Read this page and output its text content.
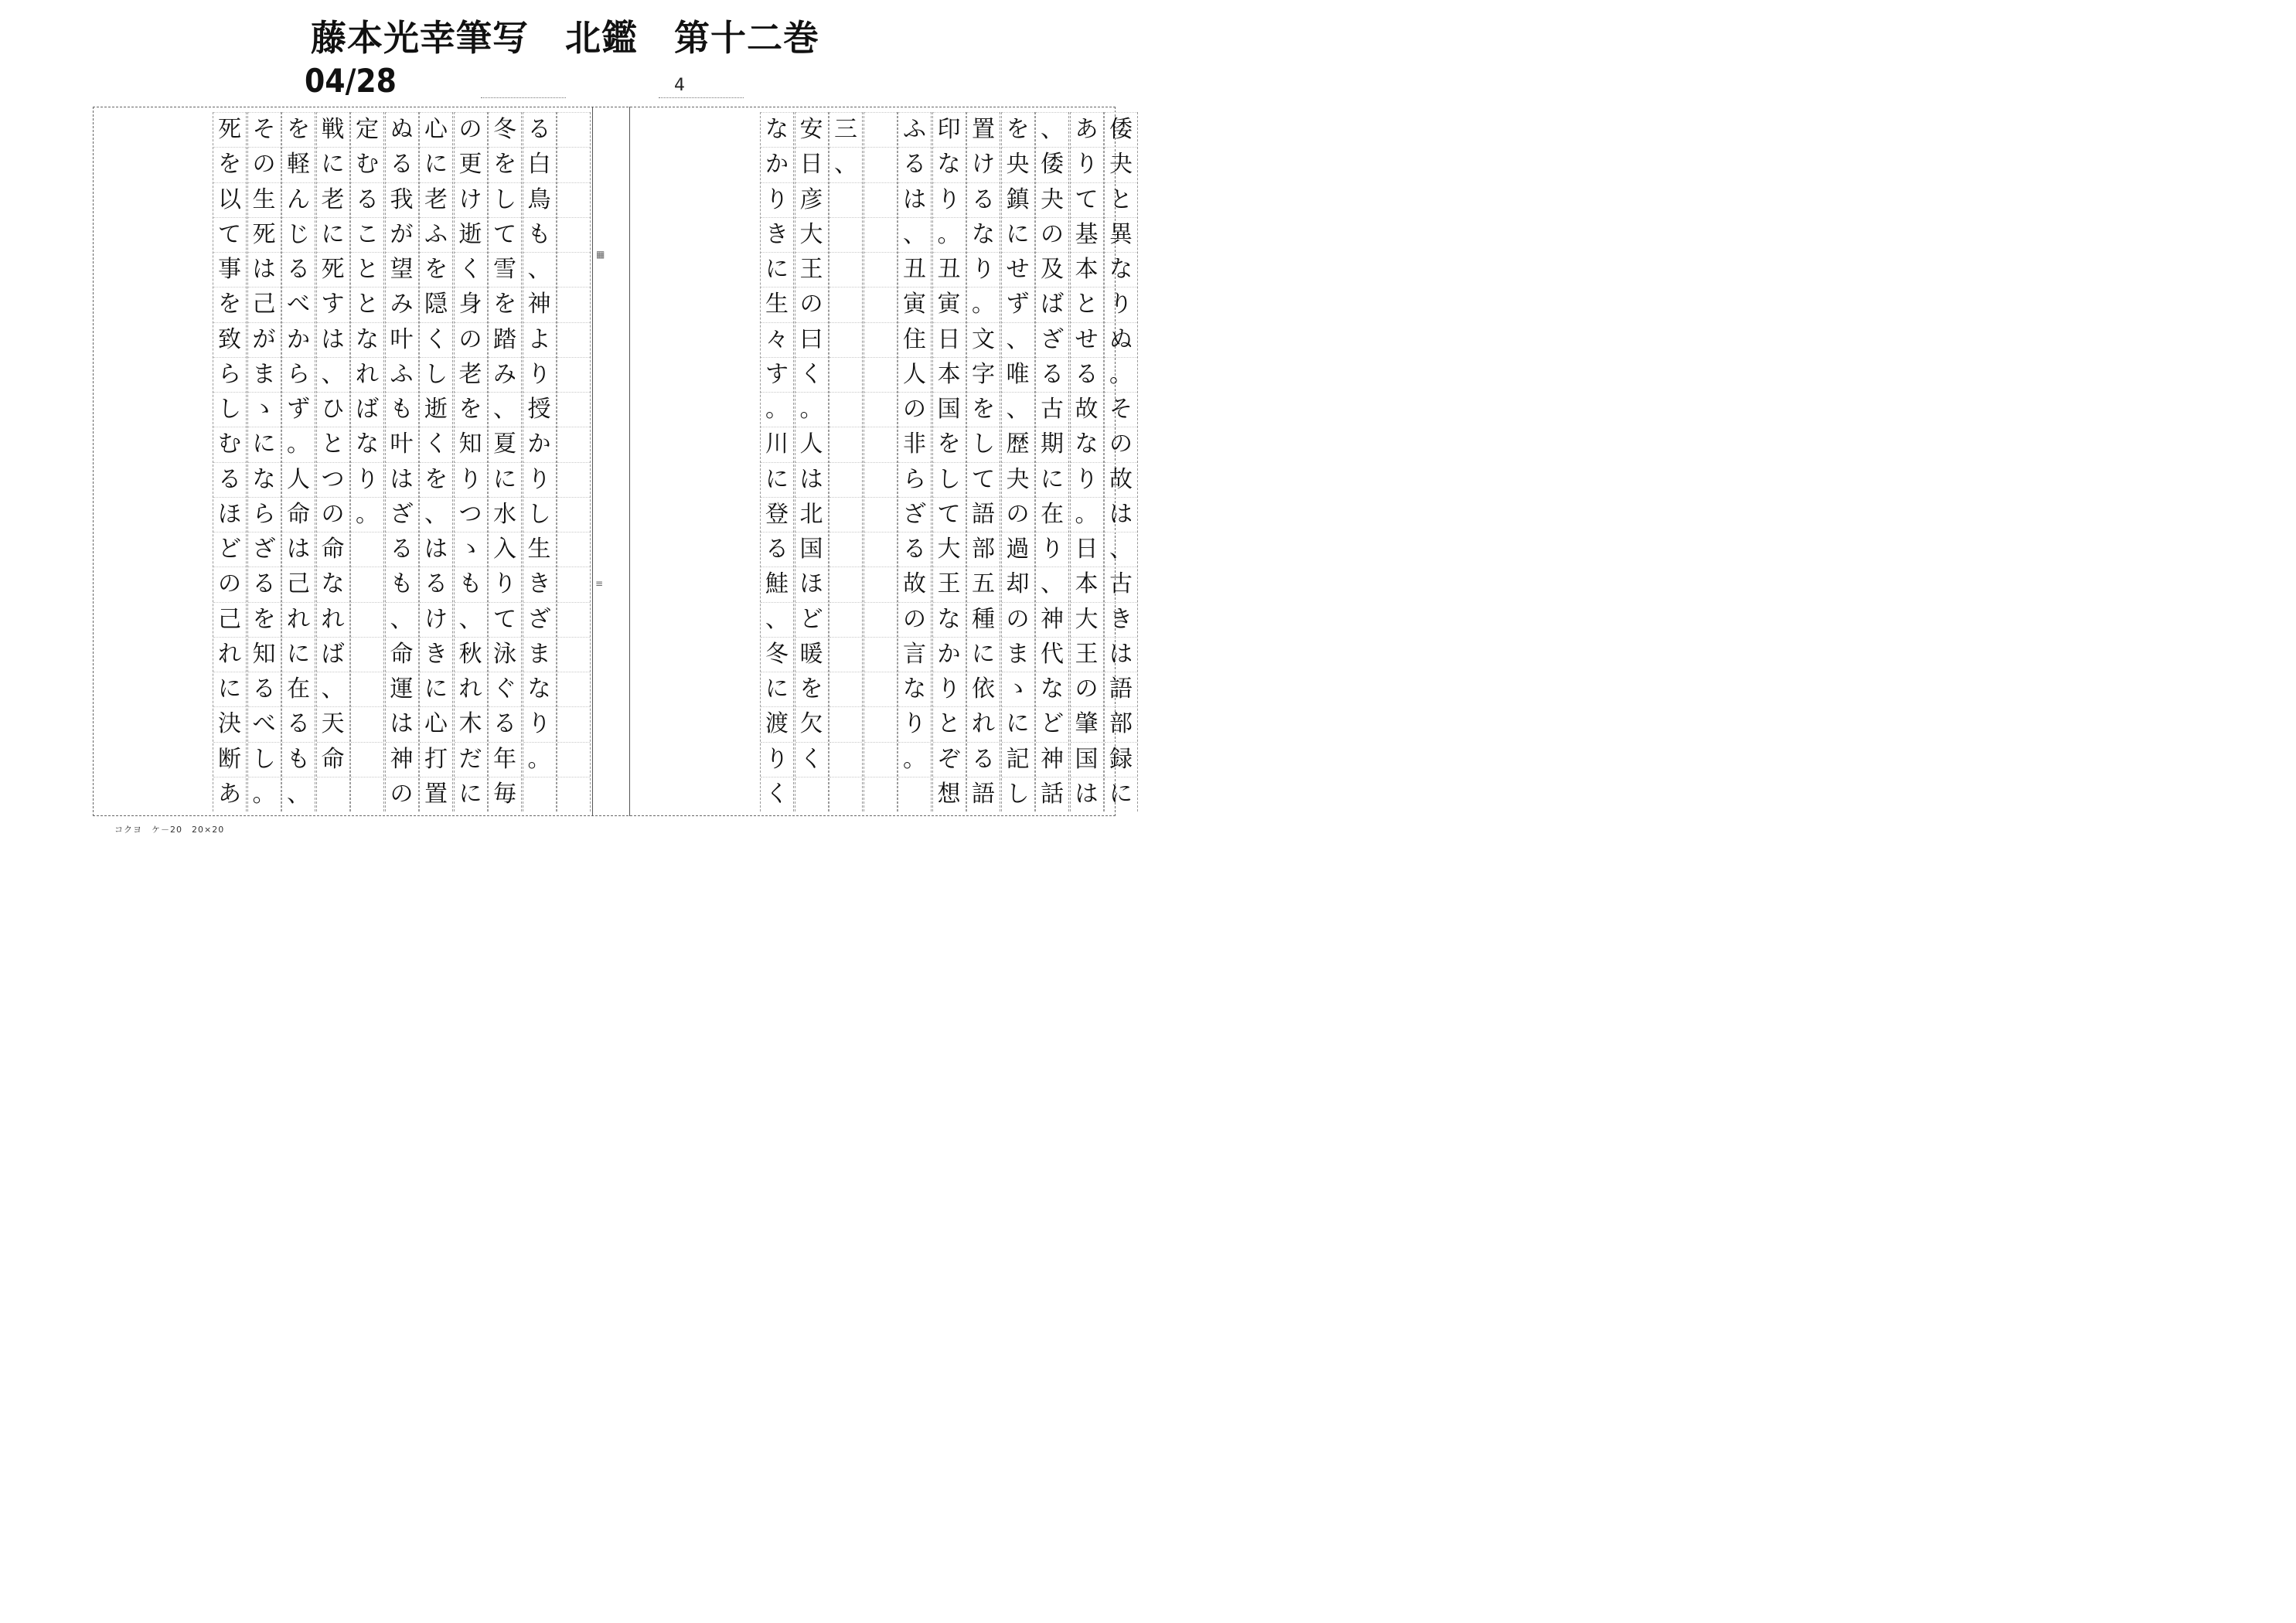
藤本光幸筆写　北鑑　第十二巻
04/28	4
▦
≡
倭
夬
と
異
な
り
ぬ
。
そ
の
故
は
、
古
き
は
語
部
録
に
あ
り
て
基
本
と
せ
る
故
な
り
。
日
本
大
王
の
肇
国
は
、
倭
夬
の
及
ば
ざ
る
古
期
に
在
り
、
神
代
な
ど
神
話
を
央
鎮
に
せ
ず
、
唯
、
歴
夬
の
過
却
の
ま
ゝ
に
記
し
置
け
る
な
り
。
文
字
を
し
て
語
部
五
種
に
依
れ
る
語
印
な
り
。
丑
寅
日
本
国
を
し
て
大
王
な
か
り
と
ぞ
想
ふ
る
は
、
丑
寅
住
人
の
非
ら
ざ
る
故
の
言
な
り
。
三
、
安
日
彦
大
王
の
曰
く
。
人
は
北
国
ほ
ど
暖
を
欠
く
な
か
り
き
に
生
々
す
。
川
に
登
る
鮭
、
冬
に
渡
り
く
る
白
鳥
も
、
神
よ
り
授
か
り
し
生
き
ざ
ま
な
り
。
冬
を
し
て
雪
を
踏
み
、
夏
に
水
入
り
て
泳
ぐ
る
年
毎
の
更
け
逝
く
身
の
老
を
知
り
つ
ゝ
も
、
秋
れ
木
だ
に
心
に
老
ふ
を
隠
く
し
逝
く
を
、
は
る
け
き
に
心
打
置
ぬ
る
我
が
望
み
叶
ふ
も
叶
は
ざ
る
も
、
命
運
は
神
の
定
む
る
こ
と
と
な
れ
ば
な
り
。
戦
に
老
に
死
す
は
、
ひ
と
つ
の
命
な
れ
ば
、
天
命
を
軽
ん
じ
る
べ
か
ら
ず
。
人
命
は
己
れ
に
在
る
も
、
そ
の
生
死
は
己
が
ま
ゝ
に
な
ら
ざ
る
を
知
る
べ
し
。
死
を
以
て
事
を
致
ら
し
む
る
ほ
ど
の
己
れ
に
決
断
あ
コクヨ　ケ－20　20×20
